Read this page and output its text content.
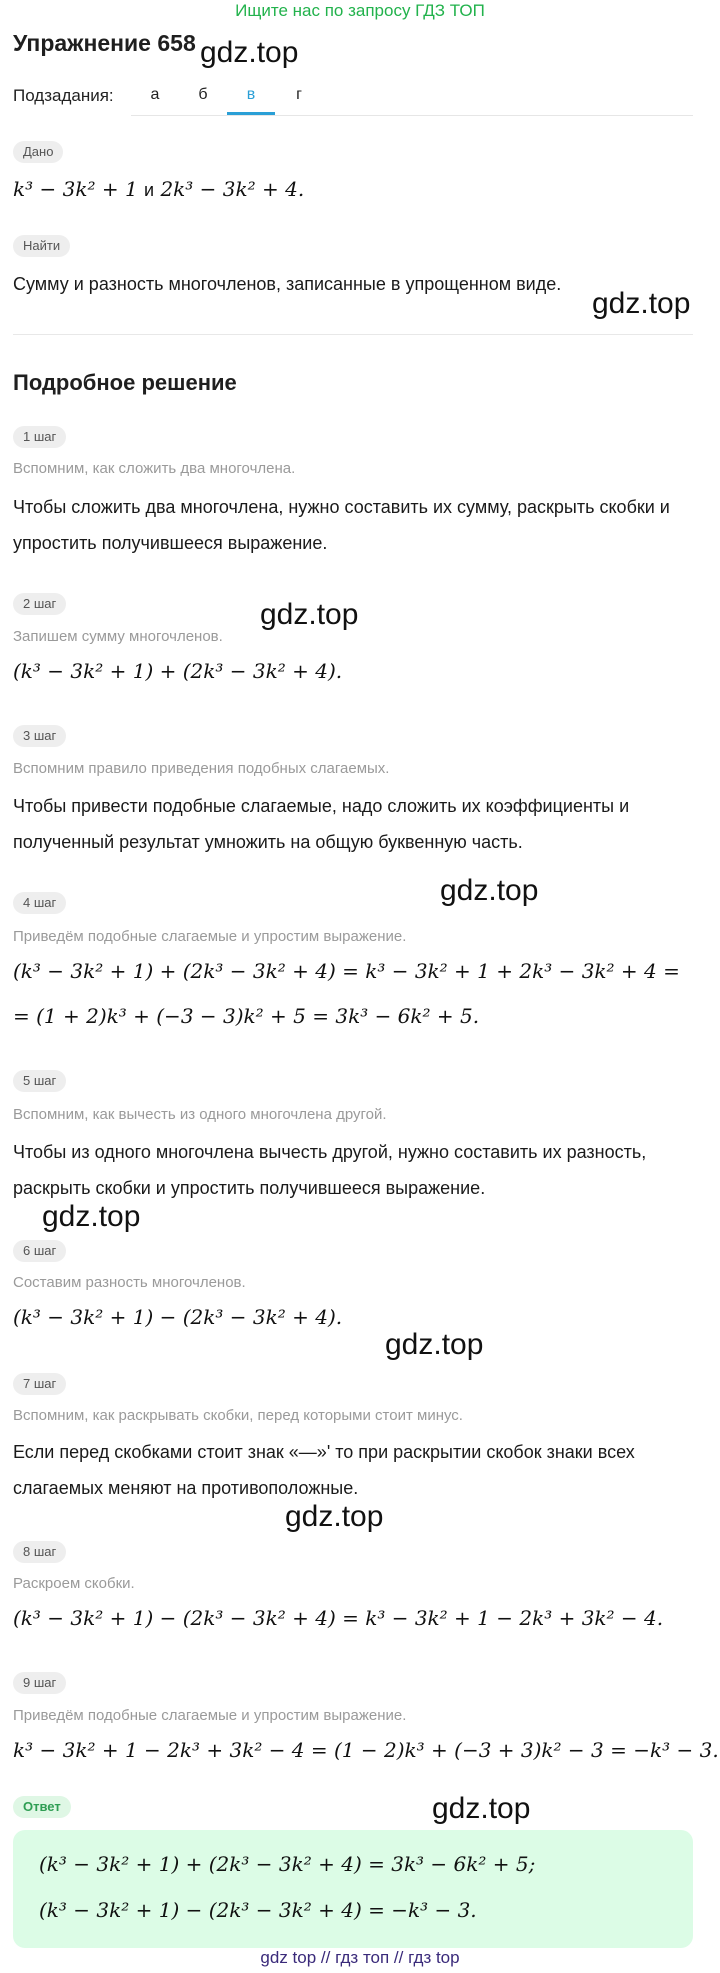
Ищите нас по запросу ГДЗ ТОП
Упражнение 658 gdz.top
Подзадания:	а	б	в	г
Дано
k³ − 3k² + 1 и 2k³ − 3k² + 4.
Найти
Сумму и разность многочленов, записанные в упрощенном виде.
gdz.top
Подробное решение
1 шаг
Вспомним, как сложить два многочлена.
Чтобы сложить два многочлена, нужно составить их сумму, раскрыть скобки и
упростить получившееся выражение.
2 шаг	gdz.top
Запишем сумму многочленов.
(k³ − 3k² + 1) + (2k³ − 3k² + 4).
3 шаг
Вспомним правило приведения подобных слагаемых.
Чтобы привести подобные слагаемые, надо сложить их коэффициенты и
полученный результат умножить на общую буквенную часть.
gdz.top
4 шаг
Приведём подобные слагаемые и упростим выражение.
(k³ − 3k² + 1) + (2k³ − 3k² + 4) = k³ − 3k² + 1 + 2k³ − 3k² + 4 =
= (1 + 2)k³ + (−3 − 3)k² + 5 = 3k³ − 6k² + 5.
5 шаг
Вспомним, как вычесть из одного многочлена другой.
Чтобы из одного многочлена вычесть другой, нужно составить их разность,
раскрыть скобки и упростить получившееся выражение.
gdz.top
6 шаг
Составим разность многочленов.
(k³ − 3k² + 1) − (2k³ − 3k² + 4).
gdz.top
7 шаг
Вспомним, как раскрывать скобки, перед которыми стоит минус.
Если перед скобками стоит знак «—»' то при раскрытии скобок знаки всех
слагаемых меняют на противоположные.
gdz.top
8 шаг
Раскроем скобки.
(k³ − 3k² + 1) − (2k³ − 3k² + 4) = k³ − 3k² + 1 − 2k³ + 3k² − 4.
9 шаг
Приведём подобные слагаемые и упростим выражение.
k³ − 3k² + 1 − 2k³ + 3k² − 4 = (1 − 2)k³ + (−3 + 3)k² − 3 = −k³ − 3.
Ответ	gdz.top
(k³ − 3k² + 1) + (2k³ − 3k² + 4) = 3k³ − 6k² + 5;
(k³ − 3k² + 1) − (2k³ − 3k² + 4) = −k³ − 3.
gdz top // гдз топ // гдз top
